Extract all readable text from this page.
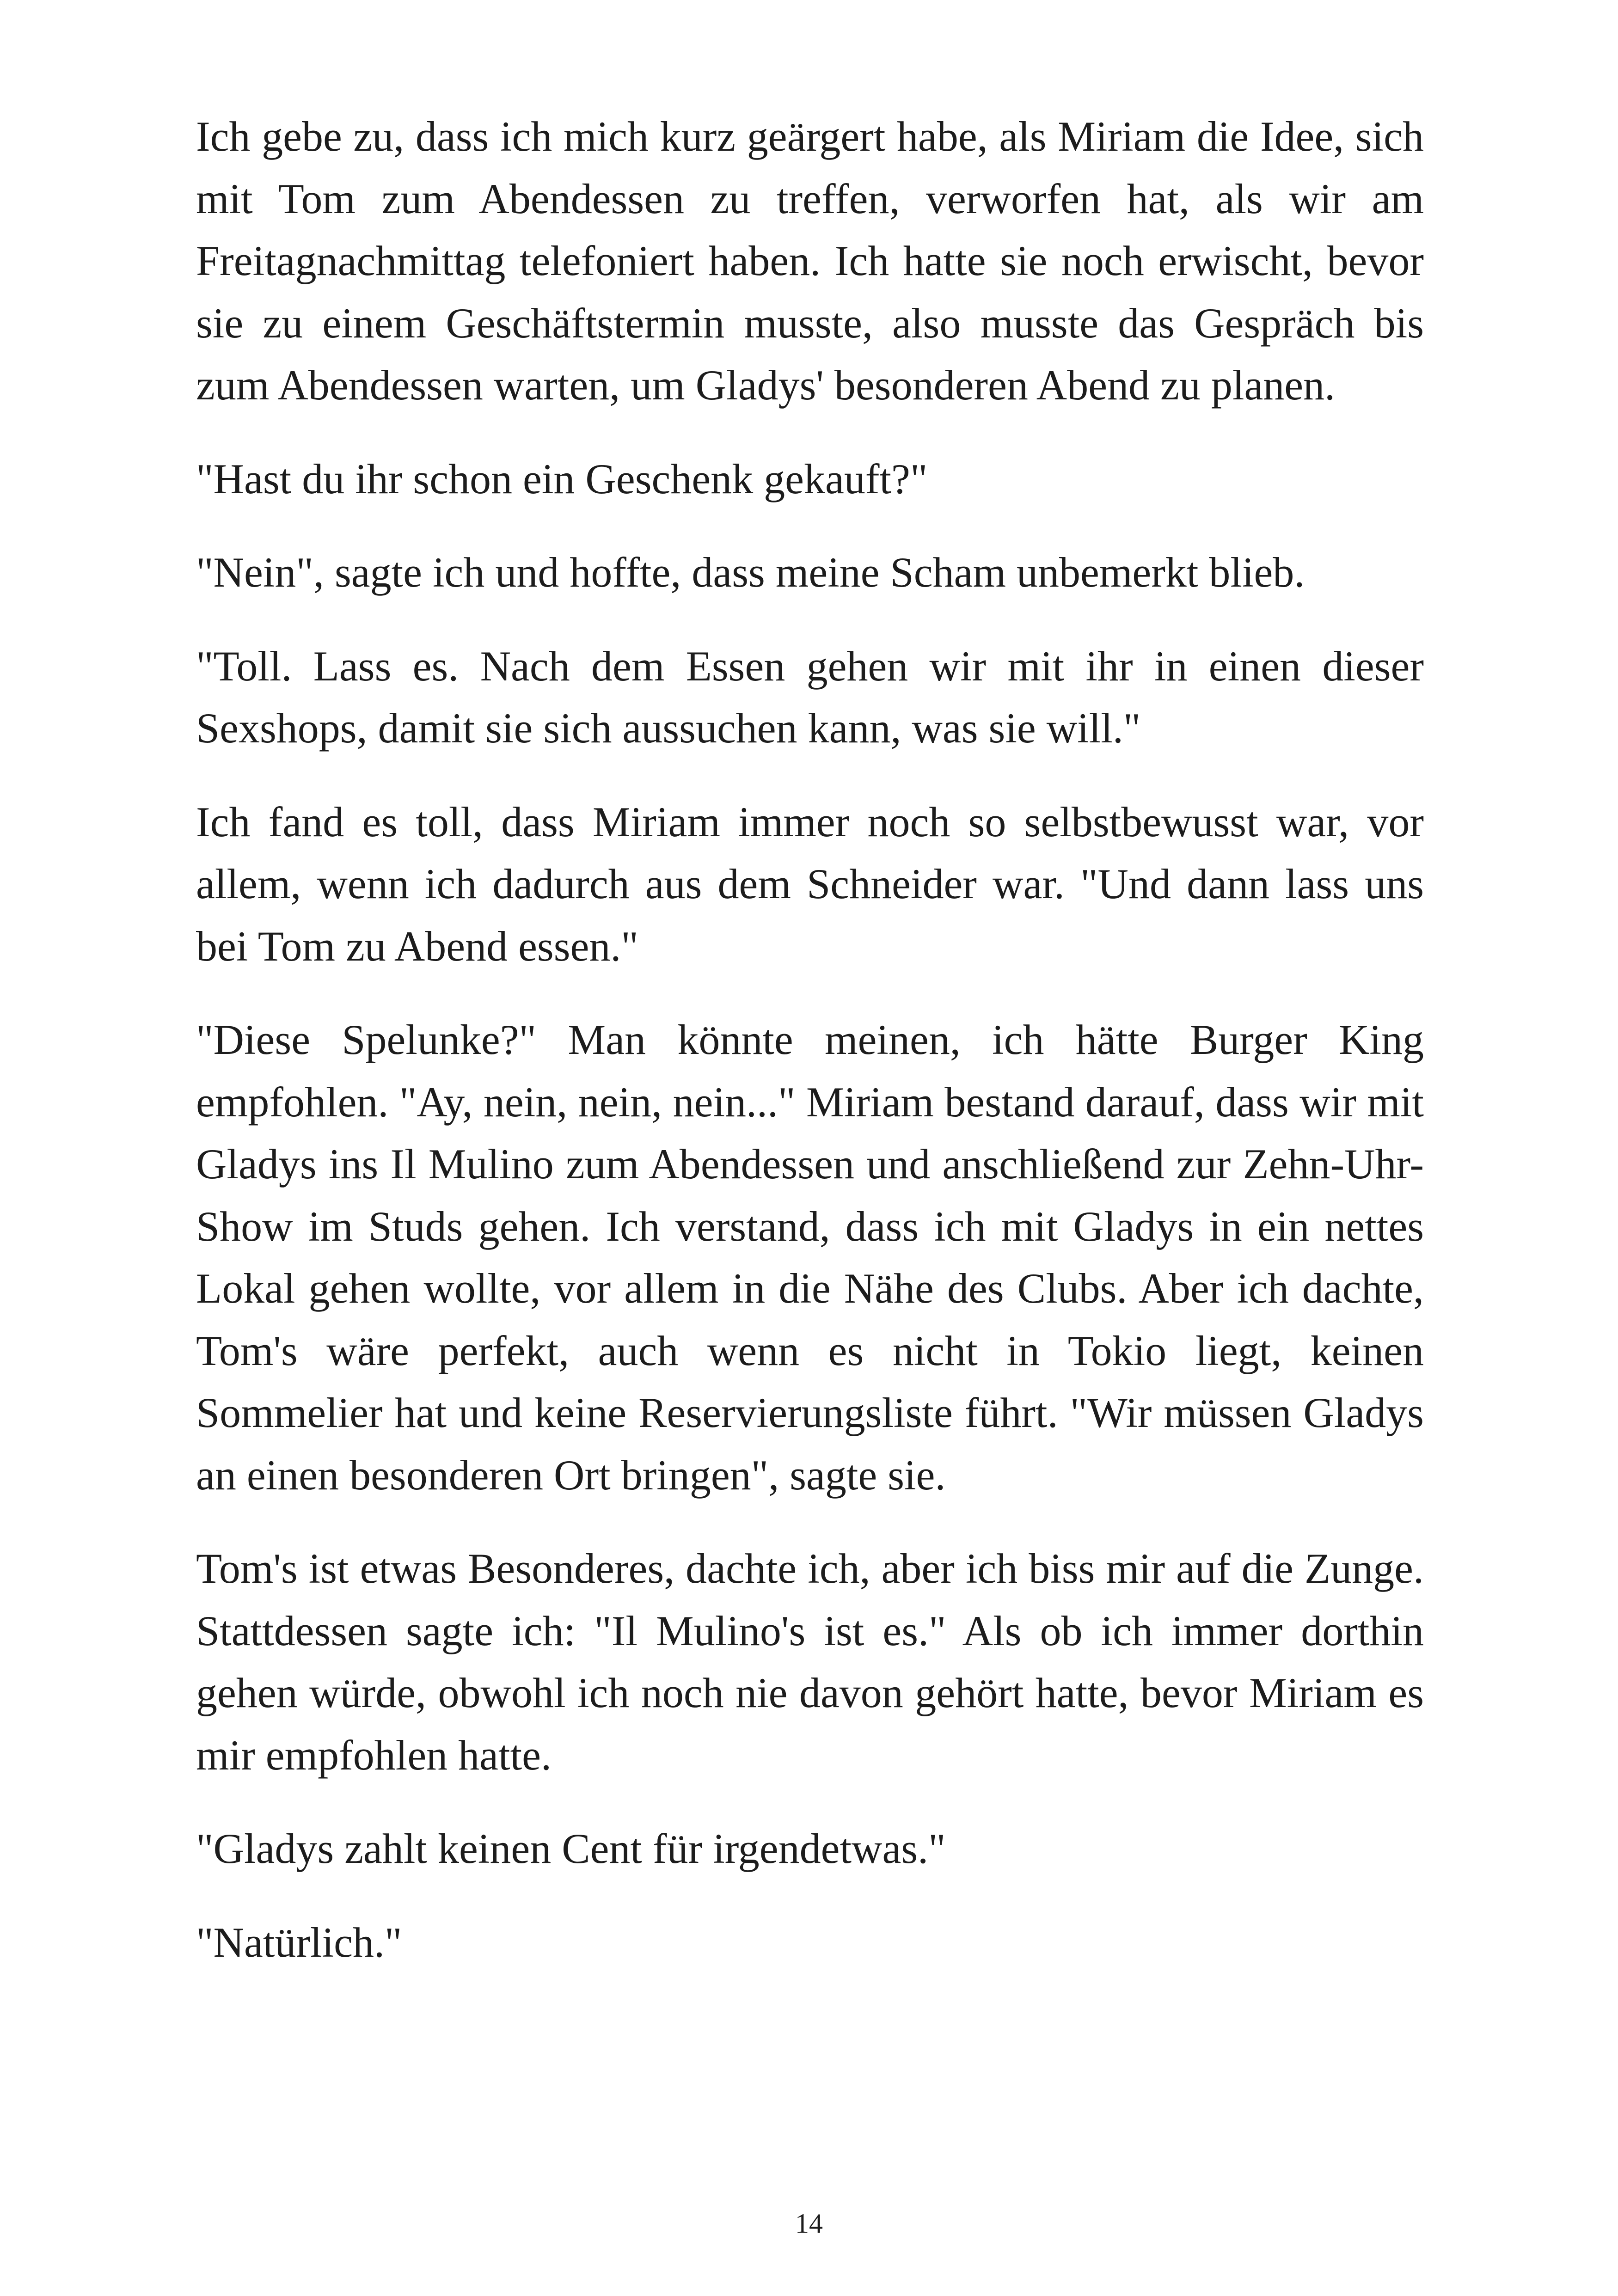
Ich gebe zu, dass ich mich kurz geärgert habe, als Miriam die Idee, sich mit Tom zum Abendessen zu treffen, verworfen hat, als wir am Freitagnachmittag telefoniert haben. Ich hatte sie noch erwischt, bevor sie zu einem Geschäftstermin musste, also musste das Gespräch bis zum Abendessen warten, um Gladys' besonderen Abend zu planen.

"Hast du ihr schon ein Geschenk gekauft?"

"Nein", sagte ich und hoffte, dass meine Scham unbemerkt blieb.

"Toll. Lass es. Nach dem Essen gehen wir mit ihr in einen dieser Sexshops, damit sie sich aussuchen kann, was sie will."

Ich fand es toll, dass Miriam immer noch so selbstbewusst war, vor allem, wenn ich dadurch aus dem Schneider war. "Und dann lass uns bei Tom zu Abend essen."

"Diese Spelunke?" Man könnte meinen, ich hätte Burger King empfohlen. "Ay, nein, nein, nein..." Miriam bestand darauf, dass wir mit Gladys ins Il Mulino zum Abendessen und anschließend zur Zehn-Uhr-Show im Studs gehen. Ich verstand, dass ich mit Gladys in ein nettes Lokal gehen wollte, vor allem in die Nähe des Clubs. Aber ich dachte, Tom's wäre perfekt, auch wenn es nicht in Tokio liegt, keinen Sommelier hat und keine Reservierungsliste führt. "Wir müssen Gladys an einen besonderen Ort bringen", sagte sie.

Tom's ist etwas Besonderes, dachte ich, aber ich biss mir auf die Zunge. Stattdessen sagte ich: "Il Mulino's ist es." Als ob ich immer dorthin gehen würde, obwohl ich noch nie davon gehört hatte, bevor Miriam es mir empfohlen hatte.

"Gladys zahlt keinen Cent für irgendetwas."

"Natürlich."

14
